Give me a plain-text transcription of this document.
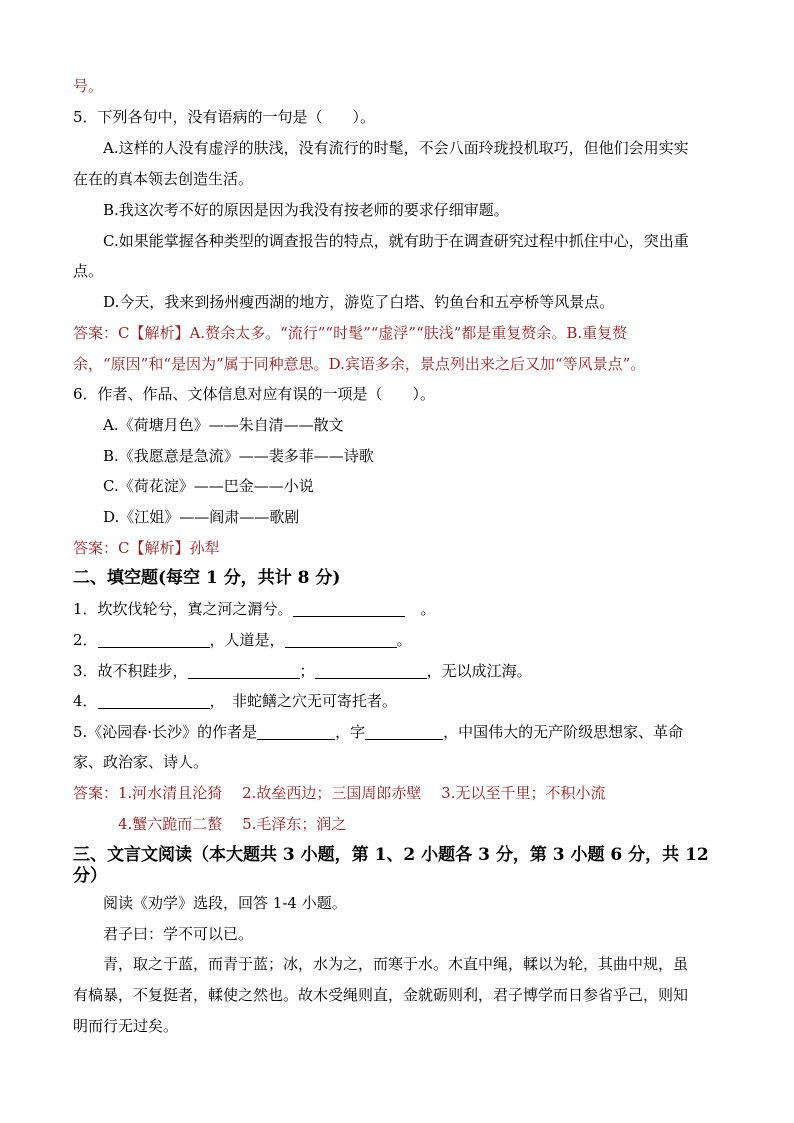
号。
5．下列各句中，没有语病的一句是（　　）。
A.这样的人没有虚浮的肤浅，没有流行的时髦，不会八面玲珑投机取巧，但他们会用实实
在在的真本领去创造生活。
B.我这次考不好的原因是因为我没有按老师的要求仔细审题。
C.如果能掌握各种类型的调查报告的特点，就有助于在调查研究过程中抓住中心，突出重
点。
D.今天，我来到扬州瘦西湖的地方，游览了白塔、钓鱼台和五亭桥等风景点。
答案：C【解析】A.赘余太多。“流行”“时髦”“虚浮”“肤浅”都是重复赘余。B.重复赘
余，“原因”和“是因为”属于同种意思。D.宾语多余，景点列出来之后又加“等风景点”。
6．作者、作品、文体信息对应有误的一项是（　　）。
A.《荷塘月色》——朱自清——散文
B.《我愿意是急流》——裴多菲——诗歌
C.《荷花淀》——巴金——小说
D.《江姐》——阎肃——歌剧
答案：C【解析】孙犁
二、填空题(每空 1 分，共计 8 分)
1．坎坎伐轮兮，寘之河之漘兮。	。
2．	，人道是，	。
3．故不积跬步，	；	，无以成江海。
4．	，　非蛇鳝之穴无可寄托者。
5.《沁园春·长沙》的作者是	，字	，中国伟大的无产阶级思想家、革命
家、政治家、诗人。
答案：1.河水清且沦猗　 2.故垒西边；三国周郎赤壁　 3.无以至千里；不积小流
4.蟹六跪而二螯　 5.毛泽东；润之
三、文言文阅读（本大题共 3 小题，第 1、2 小题各 3 分，第 3 小题 6 分，共 12
分）
阅读《劝学》选段，回答 1-4 小题。
君子曰：学不可以已。
青，取之于蓝，而青于蓝；冰，水为之，而寒于水。木直中绳，輮以为轮，其曲中规，虽
有槁暴，不复挺者，輮使之然也。故木受绳则直，金就砺则利，君子博学而日参省乎己，则知
明而行无过矣。
